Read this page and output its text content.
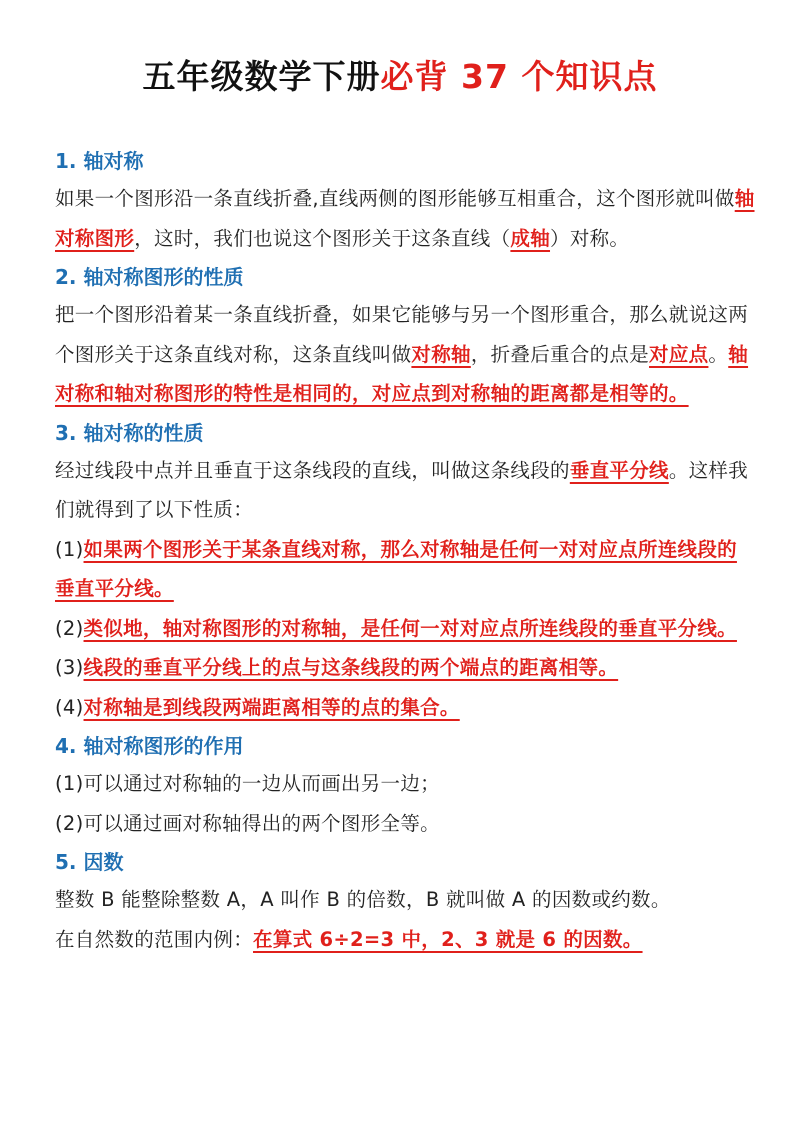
五年级数学下册必背 37 个知识点
1. 轴对称

如果一个图形沿一条直线折叠,直线两侧的图形能够互相重合，这个图形就叫做轴对称图形，这时，我们也说这个图形关于这条直线（成轴）对称。

2. 轴对称图形的性质

把一个图形沿着某一条直线折叠，如果它能够与另一个图形重合，那么就说这两个图形关于这条直线对称，这条直线叫做对称轴，折叠后重合的点是对应点。轴对称和轴对称图形的特性是相同的，对应点到对称轴的距离都是相等的。

3. 轴对称的性质

经过线段中点并且垂直于这条线段的直线，叫做这条线段的垂直平分线。这样我们就得到了以下性质：

(1)如果两个图形关于某条直线对称，那么对称轴是任何一对对应点所连线段的垂直平分线。

(2)类似地，轴对称图形的对称轴，是任何一对对应点所连线段的垂直平分线。

(3)线段的垂直平分线上的点与这条线段的两个端点的距离相等。

(4)对称轴是到线段两端距离相等的点的集合。

4. 轴对称图形的作用

(1)可以通过对称轴的一边从而画出另一边；

(2)可以通过画对称轴得出的两个图形全等。

5. 因数

整数 B 能整除整数 A，A 叫作 B 的倍数，B 就叫做 A 的因数或约数。

在自然数的范围内例：在算式 6÷2=3 中，2、3 就是 6 的因数。
